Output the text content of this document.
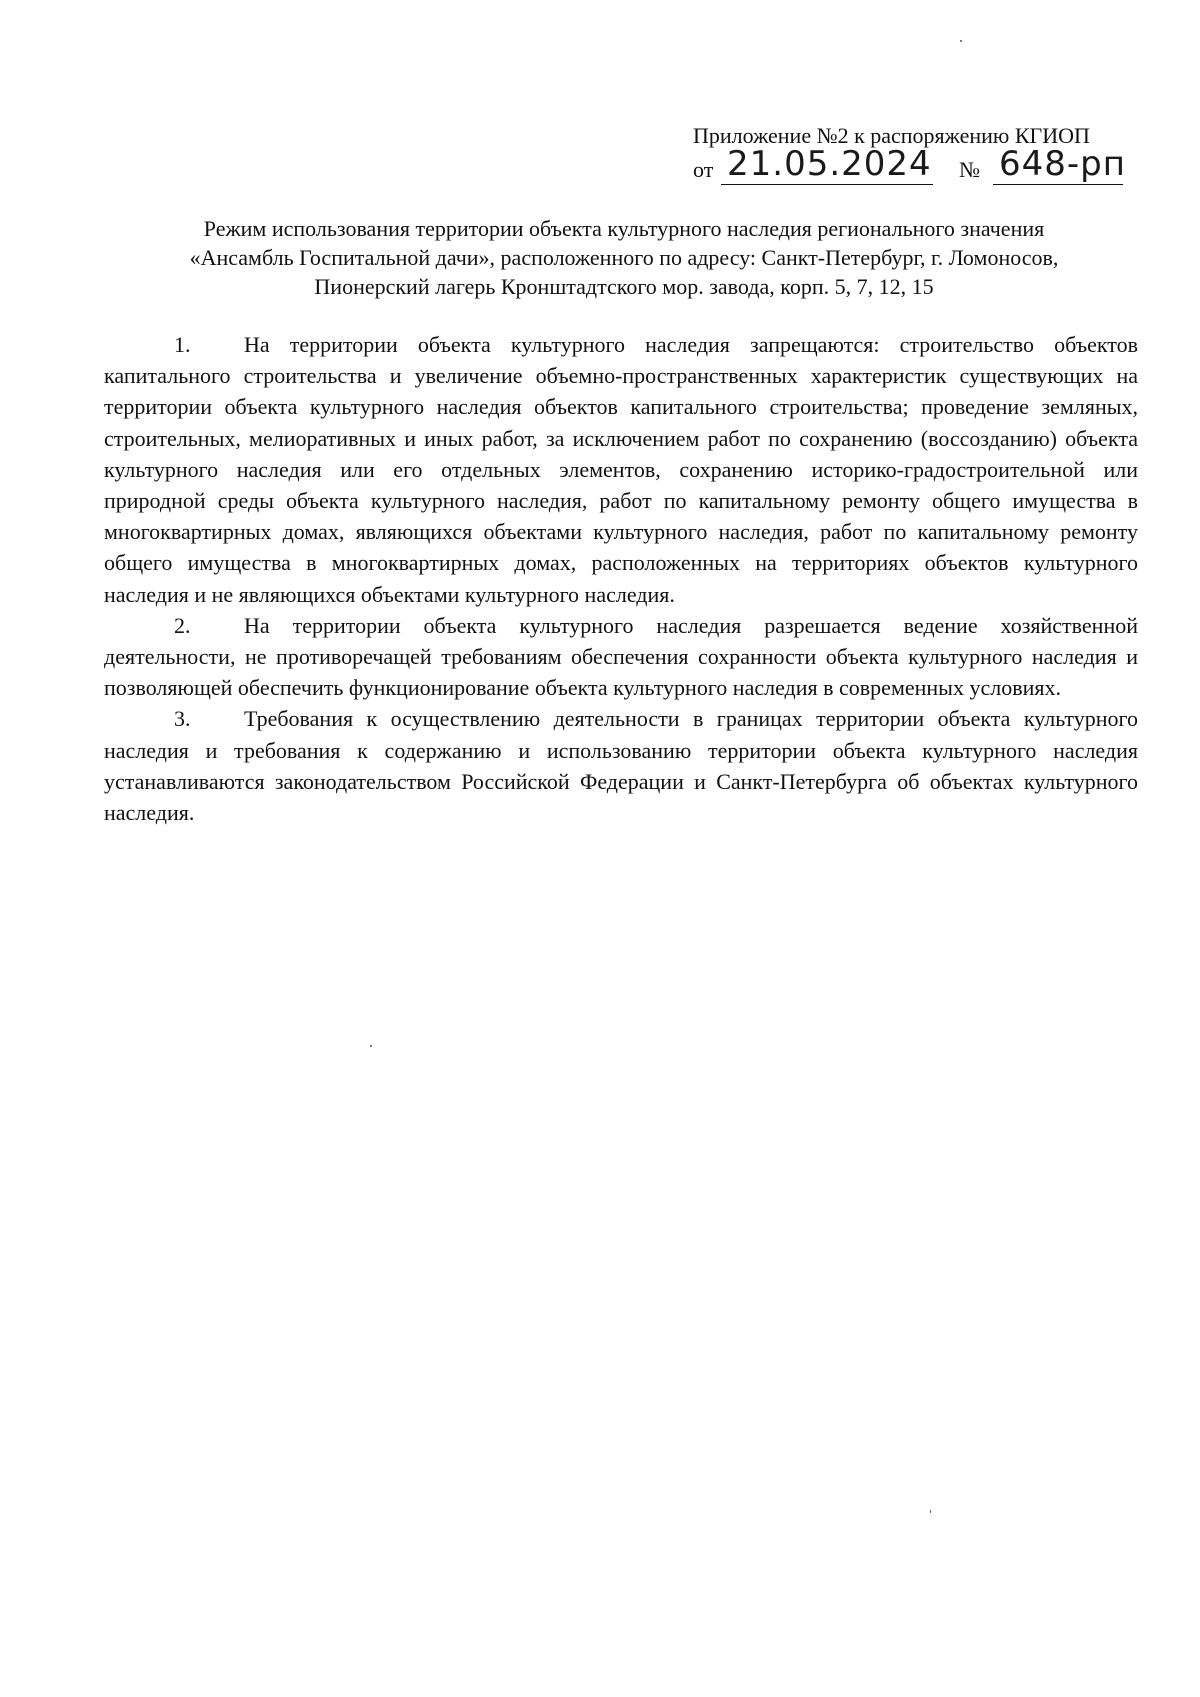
Приложение №2 к распоряжению КГИОП
от 21.05.2024 № 648-рп
Режим использования территории объекта культурного наследия регионального значения
«Ансамбль Госпитальной дачи», расположенного по адресу: Санкт-Петербург, г. Ломоносов,
Пионерский лагерь Кронштадтского мор. завода, корп. 5, 7, 12, 15

1. На территории объекта культурного наследия запрещаются: строительство объектов капитального строительства и увеличение объемно-пространственных характеристик существующих на территории объекта культурного наследия объектов капитального строительства; проведение земляных, строительных, мелиоративных и иных работ, за исключением работ по сохранению (воссозданию) объекта культурного наследия или его отдельных элементов, сохранению историко-градостроительной или природной среды объекта культурного наследия, работ по капитальному ремонту общего имущества в многоквартирных домах, являющихся объектами культурного наследия, работ по капитальному ремонту общего имущества в многоквартирных домах, расположенных на территориях объектов культурного наследия и не являющихся объектами культурного наследия.

2. На территории объекта культурного наследия разрешается ведение хозяйственной деятельности, не противоречащей требованиям обеспечения сохранности объекта культурного наследия и позволяющей обеспечить функционирование объекта культурного наследия в современных условиях.

3. Требования к осуществлению деятельности в границах территории объекта культурного наследия и требования к содержанию и использованию территории объекта культурного наследия устанавливаются законодательством Российской Федерации и Санкт-Петербурга об объектах культурного наследия.
